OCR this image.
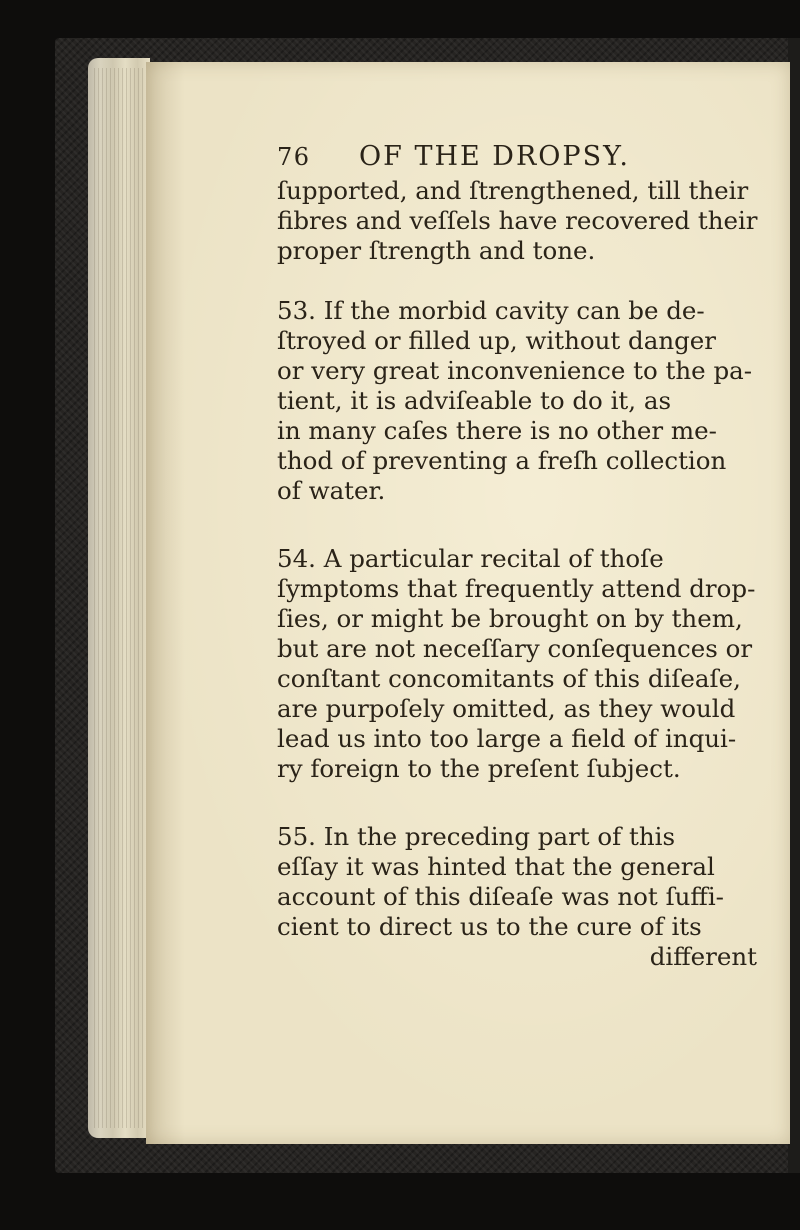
76 OF THE DROPSY.
ſupported, and ſtrengthened, till their
fibres and veſſels have recovered their
proper ſtrength and tone.
53. If the morbid cavity can be de-
ſtroyed or filled up, without danger
or very great inconvenience to the pa-
tient, it is adviſeable to do it, as
in many caſes there is no other me-
thod of preventing a freſh collection
of water.
54. A particular recital of thoſe
ſymptoms that frequently attend drop-
ſies, or might be brought on by them,
but are not neceſſary conſequences or
conſtant concomitants of this diſeaſe,
are purpoſely omitted, as they would
lead us into too large a field of inqui-
ry foreign to the preſent ſubject.
55. In the preceding part of this
eſſay it was hinted that the general
account of this diſeaſe was not ſuffi-
cient to direct us to the cure of its
different
